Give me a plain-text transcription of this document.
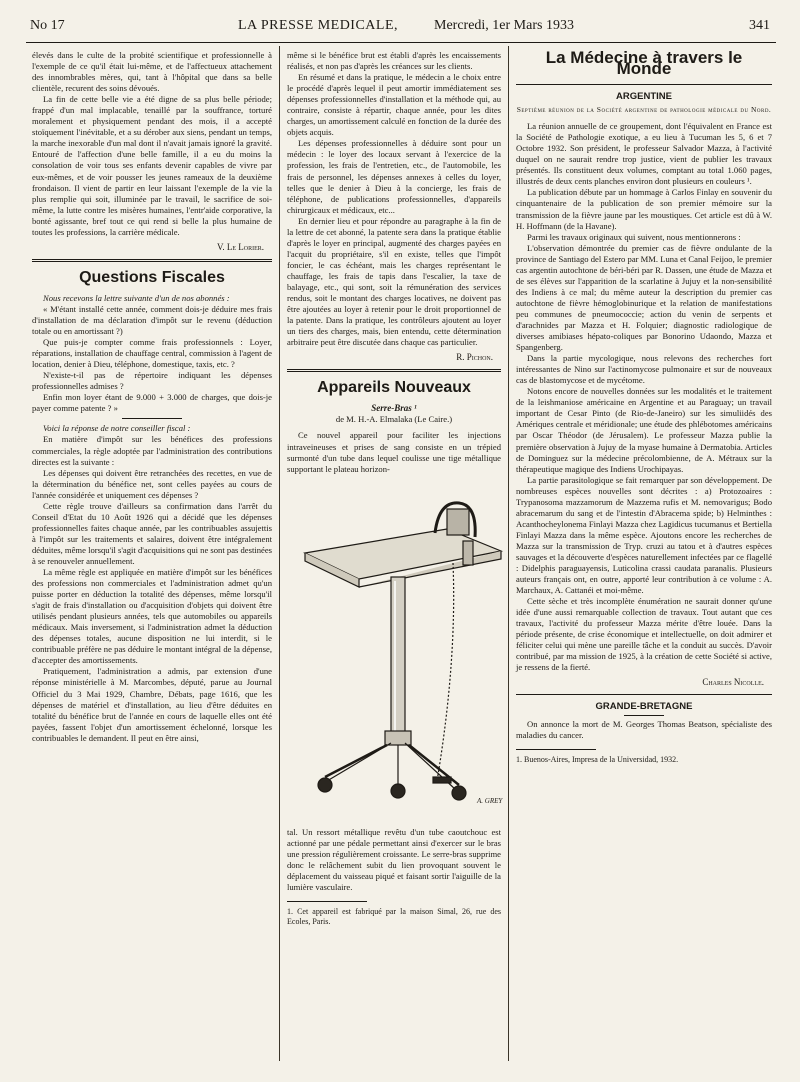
No 17	LA PRESSE MEDICALE,	Mercredi, 1er Mars 1933	341

élevés dans le culte de la probité scientifique et professionnelle à l'exemple de ce qu'il était lui-même, et de l'affectueux attachement des innombrables mères, qui, tant à l'hôpital que dans sa belle clientèle, recurent des soins dévoués.

La fin de cette belle vie a été digne de sa plus belle période; frappé d'un mal implacable, tenaillé par la souffrance, torturé moralement et physiquement pendant des mois, il a accepté stoïquement l'inévitable, et a su dérober aux siens, pendant un temps, la marche inexorable d'un mal dont il n'avait jamais ignoré la gravité. Entouré de l'affection d'une belle famille, il a eu du moins la consolation de voir tous ses enfants devenir capables de vivre par eux-mêmes, et de voir pousser les jeunes rameaux de la deuxième frondaison. Il vient de partir en leur laissant l'exemple de la vie la plus remplie qui soit, illuminée par le travail, le sacrifice de soi-même, la lutte contre les misères humaines, l'entr'aide corporative, la bonté agissante, bref tout ce qui rend si belle la plus humaine de toutes les professions, la carrière médicale.

V. Le Lorier.
Questions Fiscales

Nous recevons la lettre suivante d'un de nos abonnés :

« M'étant installé cette année, comment dois-je déduire mes frais d'installation de ma déclaration d'impôt sur le revenu (déduction totale ou en amortissant ?)

Que puis-je compter comme frais professionnels : Loyer, réparations, installation de chauffage central, commission à l'agent de location, denier à Dieu, téléphone, domestique, taxis, etc. ?

N'existe-t-il pas de répertoire indiquant les dépenses professionnelles admises ?

Enfin mon loyer étant de 9.000 + 3.000 de charges, que dois-je payer comme patente ? »

Voici la réponse de notre conseiller fiscal :

En matière d'impôt sur les bénéfices des professions commerciales, la règle adoptée par l'administration des contributions directes est la suivante :

Les dépenses qui doivent être retranchées des recettes, en vue de la détermination du bénéfice net, sont celles payées au cours de l'année considérée et uniquement ces dépenses ?

Cette règle trouve d'ailleurs sa confirmation dans l'arrêt du Conseil d'Etat du 10 Août 1926 qui a décidé que les dépenses professionnelles faites chaque année, par les contribuables assujettis à l'impôt sur les traitements et salaires, doivent être intégralement déduites, même lorsqu'il s'agit d'acquisitions qui ne sont pas destinées à se renouveler annuellement.

La même règle est appliquée en matière d'impôt sur les bénéfices des professions non commerciales et l'administration admet qu'un puisse porter en déduction la totalité des dépenses, même lorsqu'il s'agit de frais d'installation ou d'acquisition d'objets qui doivent être utilisés pendant plusieurs années, tels que automobiles ou appareils médicaux. Mais inversement, si l'administration admet la déduction des dépenses totales, aucune disposition ne lui interdit, si le contribuable préfère ne pas déduire le montant intégral de la dépense, d'accepter des amortissements.

Pratiquement, l'administration a admis, par extension d'une réponse ministérielle à M. Marcombes, député, parue au Journal Officiel du 3 Mai 1929, Chambre, Débats, page 1616, que les dépenses de matériel et d'installation, au lieu d'être déduites en totalité du bénéfice brut de l'année en cours de laquelle elles ont été payées, fassent l'objet d'un amortissement échelonné, lorsque les contribuables le demandent. Il peut en être ainsi,

même si le bénéfice brut est établi d'après les encaissements réalisés, et non pas d'après les créances sur les clients.

En résumé et dans la pratique, le médecin a le choix entre le procédé d'après lequel il peut amortir immédiatement ses dépenses professionnelles d'installation et la méthode qui, au contraire, consiste à répartir, chaque année, pour les dites charges, un amortissement calculé en fonction de la durée des objets acquis.

Les dépenses professionnelles à déduire sont pour un médecin : le loyer des locaux servant à l'exercice de la profession, les frais de l'entretien, etc., de l'automobile, les frais de personnel, les dépenses annexes à celles du loyer, telles que le denier à Dieu à la concierge, les frais de téléphone, de publications professionnelles, d'appareils chirurgicaux et médicaux, etc...

En dernier lieu et pour répondre au paragraphe à la fin de la lettre de cet abonné, la patente sera dans la pratique établie d'après le loyer en principal, augmenté des charges payées en l'acquit du propriétaire, s'il en existe, telles que l'impôt foncier, le cas échéant, mais les charges représentant le chauffage, les frais de tapis dans l'escalier, la taxe de balayage, etc., qui sont, soit la rémunération des services rendus, soit le montant des charges locatives, ne doivent pas être ajoutées au loyer à retenir pour le droit proportionnel de la patente. Dans la pratique, les contrôleurs ajoutent au loyer un tiers des charges, mais, bien entendu, cette détermination arbitraire peut être discutée dans chaque cas particulier.

R. Pichon.
Appareils Nouveaux
Serre-Bras ¹
de M. H.-A. Elmalaka (Le Caire.)

Ce nouvel appareil pour faciliter les injections intraveineuses et prises de sang consiste en un trépied surmonté d'un tube dans lequel coulisse une tige métallique supportant le plateau horizon-

A. GREY

tal. Un ressort métallique revêtu d'un tube caoutchouc est actionné par une pédale permettant ainsi d'exercer sur le bras une pression régulièrement croissante. Le serre-bras supprime donc le relâchement subit du lien provoquant souvent le déplacement du vaisseau piqué et faisant sortir l'aiguille de la lumière vasculaire.

1. Cet appareil est fabriqué par la maison Simal, 26, rue des Ecoles, Paris.
La Médecine à travers le Monde
ARGENTINE
Septième réunion de la Société argentine de pathologie médicale du Nord.

La réunion annuelle de ce groupement, dont l'équivalent en France est la Société de Pathologie exotique, a eu lieu à Tucuman les 5, 6 et 7 Octobre 1932. Son président, le professeur Salvador Mazza, à l'activité duquel on ne saurait rendre trop justice, vient de publier les travaux présentés. Ils constituent deux volumes, comptant au total 1.060 pages, illustrés de deux cents planches environ dont plusieurs en couleurs ¹.

La publication débute par un hommage à Carlos Finlay en souvenir du cinquantenaire de la publication de son premier mémoire sur la transmission de la fièvre jaune par les moustiques. Cet article est dû à W. H. Hoffmann (de la Havane).

Parmi les travaux originaux qui suivent, nous mentionnerons :

L'observation démontrée du premier cas de fièvre ondulante de la province de Santiago del Estero par MM. Luna et Canal Feijoo, le premier cas argentin autochtone de béri-béri par R. Dassen, une étude de Mazza et de ses élèves sur l'apparition de la scarlatine à Jujuy et la non-sensibilité des Indiens à ce mal; du même auteur la description du premier cas autochtone de fièvre hémoglobinurique et la relation de manifestations peu communes de pneumococcie; action du venin de serpents et d'arachnides par Mazza et H. Folquier; diagnostic radiologique de diverses amibiases hépato-coliques par Bonorino Udaondo, Mazza et Spangenberg.

Dans la partie mycologique, nous relevons des recherches fort intéressantes de Nino sur l'actinomycose pulmonaire et sur de nouveaux cas de blastomycose et de mycétome.

Notons encore de nouvelles données sur les modalités et le traitement de la leishmaniose américaine en Argentine et au Paraguay; un travail important de Cesar Pinto (de Rio-de-Janeiro) sur les simuliidés des Amériques centrale et méridionale; une étude des phlébotomes américains par Oscar Théodor (de Jérusalem). Le professeur Mazza publie la première observation à Jujuy de la myase humaine à Dermatobia. Articles de Dominguez sur la médecine précolombienne, de A. Métraux sur la thérapeutique magique des Indiens Urochipayas.

La partie parasitologique se fait remarquer par son développement. De nombreuses espèces nouvelles sont décrites : a) Protozoaires : Trypanosoma mazzamorum de Mazzema rufis et M. nemovarigus; Bodo abracemarum du sang et de l'intestin d'Abracema spide; b) Helminthes : Acanthocheylonema Finlayi Mazza chez Lagidicus tucumanus et Bertiella Finlayi Mazza dans la même espèce. Ajoutons encore les recherches de Mazza sur la transmission de Tryp. cruzi au tatou et à d'autres espèces sauvages et la découverte d'espèces naturellement infectées par ce flagellé : Didelphis paraguayensis, Luticolina crassi caudata paranalis. Plusieurs auteurs français ont, en outre, apporté leur contribution à ce volume : A. Marchaux, A. Cattanéi et moi-même.

Cette sèche et très incomplète énumération ne saurait donner qu'une idée d'une aussi remarquable collection de travaux. Tout autant que ces travaux, l'activité du professeur Mazza mérite d'être louée. Dans la période présente, de crise économique et intellectuelle, on doit admirer et féliciter celui qui mène une pareille tâche et la conduit au succès. D'avoir contribué, par ma mission de 1925, à la création de cette Société si active, je ressens de la fierté.

Charles Nicolle.
GRANDE-BRETAGNE

On annonce la mort de M. Georges Thomas Beatson, spécialiste des maladies du cancer.

1. Buenos-Aires, Impresa de la Universidad, 1932.
